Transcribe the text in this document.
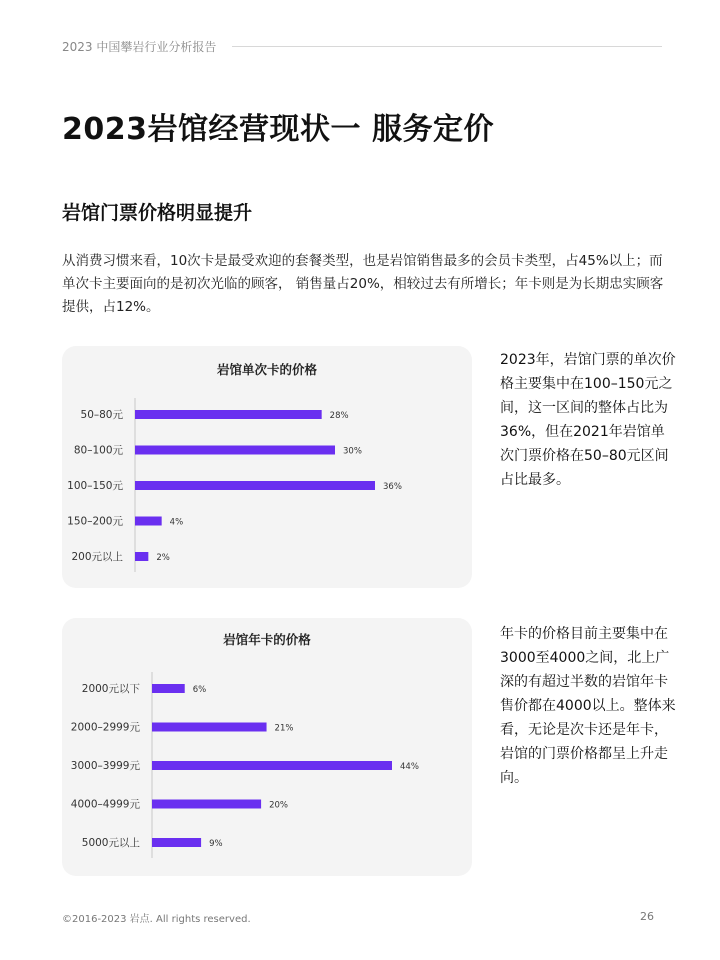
2023 中国攀岩行业分析报告
2023岩馆经营现状一 服务定价
岩馆门票价格明显提升
从消费习惯来看，10次卡是最受欢迎的套餐类型，也是岩馆销售最多的会员卡类型，占45%以上；而单次卡主要面向的是初次光临的顾客， 销售量占20%，相较过去有所增长；年卡则是为长期忠实顾客提供，占12%。
岩馆单次卡的价格
50–80元	28%
80–100元	30%
100–150元	36%
150–200元	4%
200元以上	2%
2023年，岩馆门票的单次价格主要集中在100–150元之间，这一区间的整体占比为36%，但在2021年岩馆单次门票价格在50–80元区间占比最多。
岩馆年卡的价格
2000元以下	6%
2000–2999元	21%
3000–3999元	44%
4000–4999元	20%
5000元以上	9%
年卡的价格目前主要集中在3000至4000之间，北上广深的有超过半数的岩馆年卡售价都在4000以上。整体来看，无论是次卡还是年卡，岩馆的门票价格都呈上升走向。
©2016-2023 岩点. All rights reserved.	26
